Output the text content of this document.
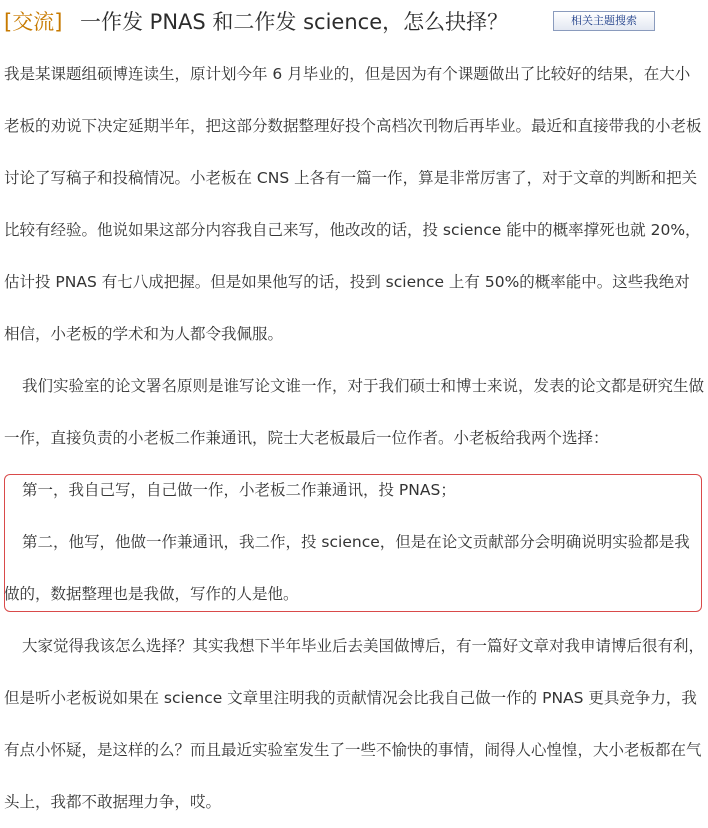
[交流] 一作发 PNAS 和二作发 science，怎么抉择？	相关主题搜索

我是某课题组硕博连读生，原计划今年 6 月毕业的，但是因为有个课题做出了比较好的结果，在大小老板的劝说下决定延期半年，把这部分数据整理好投个高档次刊物后再毕业。最近和直接带我的小老板讨论了写稿子和投稿情况。小老板在 CNS 上各有一篇一作，算是非常厉害了，对于文章的判断和把关比较有经验。他说如果这部分内容我自己来写，他改改的话，投 science 能中的概率撑死也就 20%，估计投 PNAS 有七八成把握。但是如果他写的话，投到 science 上有 50%的概率能中。这些我绝对相信，小老板的学术和为人都令我佩服。

我们实验室的论文署名原则是谁写论文谁一作，对于我们硕士和博士来说，发表的论文都是研究生做一作，直接负责的小老板二作兼通讯，院士大老板最后一位作者。小老板给我两个选择：

第一，我自己写，自己做一作，小老板二作兼通讯，投 PNAS；
第二，他写，他做一作兼通讯，我二作，投 science，但是在论文贡献部分会明确说明实验都是我做的，数据整理也是我做，写作的人是他。

大家觉得我该怎么选择？其实我想下半年毕业后去美国做博后，有一篇好文章对我申请博后很有利，但是听小老板说如果在 science 文章里注明我的贡献情况会比我自己做一作的 PNAS 更具竞争力，我有点小怀疑，是这样的么？而且最近实验室发生了一些不愉快的事情，闹得人心惶惶，大小老板都在气头上，我都不敢据理力争，哎。
